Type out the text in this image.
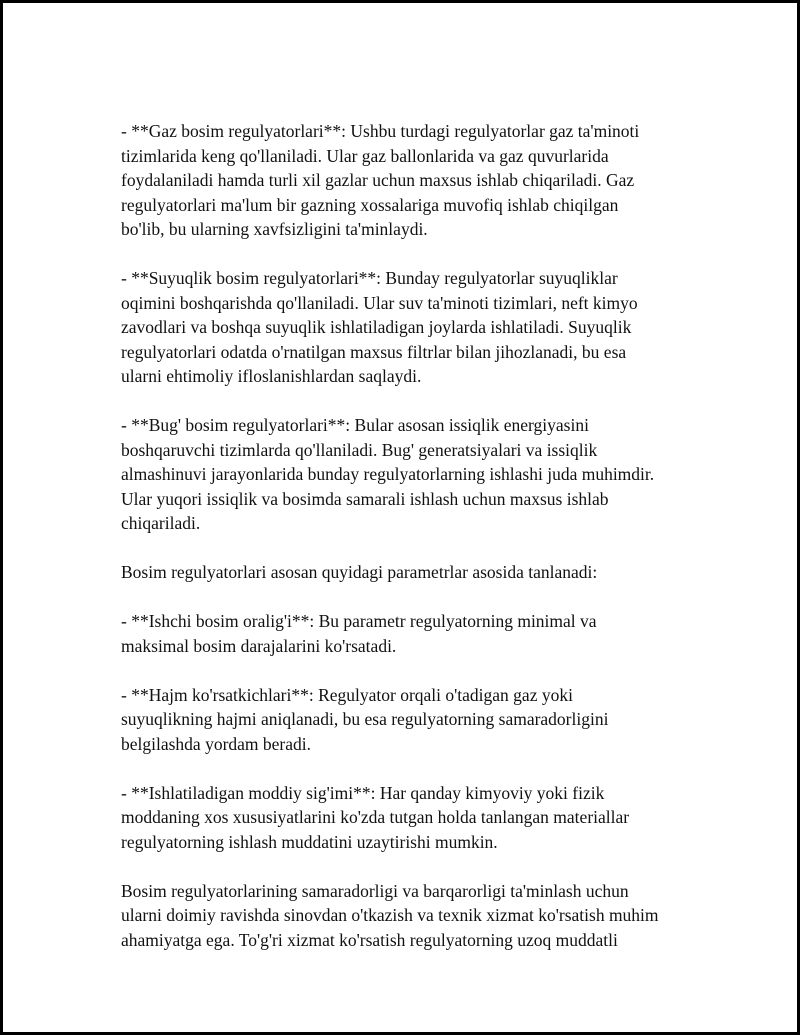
- **Gaz bosim regulyatorlari**: Ushbu turdagi regulyatorlar gaz ta'minoti
tizimlarida keng qo'llaniladi. Ular gaz ballonlarida va gaz quvurlarida
foydalaniladi hamda turli xil gazlar uchun maxsus ishlab chiqariladi. Gaz
regulyatorlari ma'lum bir gazning xossalariga muvofiq ishlab chiqilgan
bo'lib, bu ularning xavfsizligini ta'minlaydi.

- **Suyuqlik bosim regulyatorlari**: Bunday regulyatorlar suyuqliklar
oqimini boshqarishda qo'llaniladi. Ular suv ta'minoti tizimlari, neft kimyo
zavodlari va boshqa suyuqlik ishlatiladigan joylarda ishlatiladi. Suyuqlik
regulyatorlari odatda o'rnatilgan maxsus filtrlar bilan jihozlanadi, bu esa
ularni ehtimoliy ifloslanishlardan saqlaydi.

- **Bug' bosim regulyatorlari**: Bular asosan issiqlik energiyasini
boshqaruvchi tizimlarda qo'llaniladi. Bug' generatsiyalari va issiqlik
almashinuvi jarayonlarida bunday regulyatorlarning ishlashi juda muhimdir.
Ular yuqori issiqlik va bosimda samarali ishlash uchun maxsus ishlab
chiqariladi.

Bosim regulyatorlari asosan quyidagi parametrlar asosida tanlanadi:

- **Ishchi bosim oralig'i**: Bu parametr regulyatorning minimal va
maksimal bosim darajalarini ko'rsatadi.

- **Hajm ko'rsatkichlari**: Regulyator orqali o'tadigan gaz yoki
suyuqlikning hajmi aniqlanadi, bu esa regulyatorning samaradorligini
belgilashda yordam beradi.

- **Ishlatiladigan moddiy sig'imi**: Har qanday kimyoviy yoki fizik
moddaning xos xususiyatlarini ko'zda tutgan holda tanlangan materiallar
regulyatorning ishlash muddatini uzaytirishi mumkin.

Bosim regulyatorlarining samaradorligi va barqarorligi ta'minlash uchun
ularni doimiy ravishda sinovdan o'tkazish va texnik xizmat ko'rsatish muhim
ahamiyatga ega. To'g'ri xizmat ko'rsatish regulyatorning uzoq muddatli
